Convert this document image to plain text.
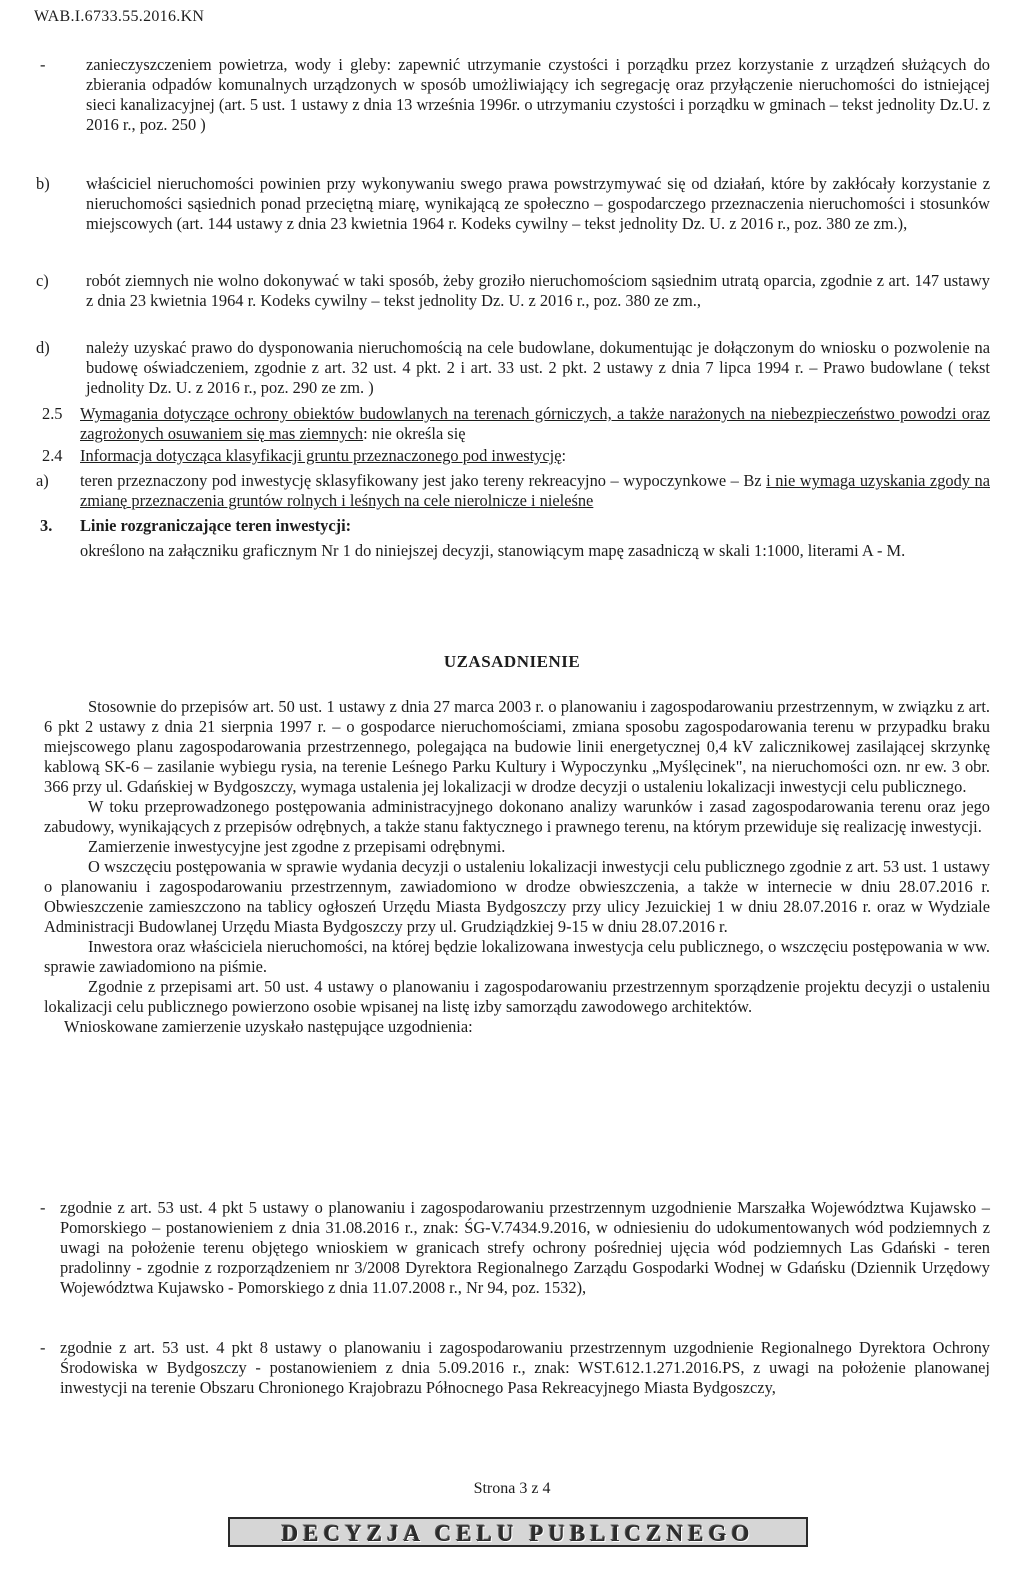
WAB.I.6733.55.2016.KN
- zanieczyszczeniem powietrza, wody i gleby: zapewnić utrzymanie czystości i porządku przez korzystanie z urządzeń służących do zbierania odpadów komunalnych urządzonych w sposób umożliwiający ich segregację oraz przyłączenie nieruchomości do istniejącej sieci kanalizacyjnej (art. 5 ust. 1 ustawy z dnia 13 września 1996r. o utrzymaniu czystości i porządku w gminach – tekst jednolity Dz.U. z 2016 r., poz. 250 )
b) właściciel nieruchomości powinien przy wykonywaniu swego prawa powstrzymywać się od działań, które by zakłócały korzystanie z nieruchomości sąsiednich ponad przeciętną miarę, wynikającą ze społeczno – gospodarczego przeznaczenia nieruchomości i stosunków miejscowych (art. 144 ustawy z dnia 23 kwietnia 1964 r. Kodeks cywilny – tekst jednolity Dz. U. z 2016 r., poz. 380 ze zm.),
c) robót ziemnych nie wolno dokonywać w taki sposób, żeby groziło nieruchomościom sąsiednim utratą oparcia, zgodnie z art. 147 ustawy z dnia 23 kwietnia 1964 r. Kodeks cywilny – tekst jednolity Dz. U. z 2016 r., poz. 380 ze zm.,
d) należy uzyskać prawo do dysponowania nieruchomością na cele budowlane, dokumentując je dołączonym do wniosku o pozwolenie na budowę oświadczeniem, zgodnie z art. 32 ust. 4 pkt. 2 i art. 33 ust. 2 pkt. 2 ustawy z dnia 7 lipca 1994 r. – Prawo budowlane ( tekst jednolity Dz. U. z 2016 r., poz. 290 ze zm. )
2.5 Wymagania dotyczące ochrony obiektów budowlanych na terenach górniczych, a także narażonych na niebezpieczeństwo powodzi oraz zagrożonych osuwaniem się mas ziemnych: nie określa się
2.4 Informacja dotycząca klasyfikacji gruntu przeznaczonego pod inwestycję:
a) teren przeznaczony pod inwestycję sklasyfikowany jest jako tereny rekreacyjno – wypoczynkowe – Bz i nie wymaga uzyskania zgody na zmianę przeznaczenia gruntów rolnych i leśnych na cele nierolnicze i nieleśne
3. Linie rozgraniczające teren inwestycji:
określono na załączniku graficznym Nr 1 do niniejszej decyzji, stanowiącym mapę zasadniczą w skali 1:1000, literami A - M.
UZASADNIENIE

Stosownie do przepisów art. 50 ust. 1 ustawy z dnia 27 marca 2003 r. o planowaniu i zagospodarowaniu przestrzennym, w związku z art. 6 pkt 2 ustawy z dnia 21 sierpnia 1997 r. – o gospodarce nieruchomościami, zmiana sposobu zagospodarowania terenu w przypadku braku miejscowego planu zagospodarowania przestrzennego, polegająca na budowie linii energetycznej 0,4 kV zalicznikowej zasilającej skrzynkę kablową SK-6 – zasilanie wybiegu rysia, na terenie Leśnego Parku Kultury i Wypoczynku „Myślęcinek", na nieruchomości ozn. nr ew. 3 obr. 366 przy ul. Gdańskiej w Bydgoszczy, wymaga ustalenia jej lokalizacji w drodze decyzji o ustaleniu lokalizacji inwestycji celu publicznego.

W toku przeprowadzonego postępowania administracyjnego dokonano analizy warunków i zasad zagospodarowania terenu oraz jego zabudowy, wynikających z przepisów odrębnych, a także stanu faktycznego i prawnego terenu, na którym przewiduje się realizację inwestycji.

Zamierzenie inwestycyjne jest zgodne z przepisami odrębnymi.

O wszczęciu postępowania w sprawie wydania decyzji o ustaleniu lokalizacji inwestycji celu publicznego zgodnie z art. 53 ust. 1 ustawy o planowaniu i zagospodarowaniu przestrzennym, zawiadomiono w drodze obwieszczenia, a także w internecie w dniu 28.07.2016 r. Obwieszczenie zamieszczono na tablicy ogłoszeń Urzędu Miasta Bydgoszczy przy ulicy Jezuickiej 1 w dniu 28.07.2016 r. oraz w Wydziale Administracji Budowlanej Urzędu Miasta Bydgoszczy przy ul. Grudziądzkiej 9-15 w dniu 28.07.2016 r.

Inwestora oraz właściciela nieruchomości, na której będzie lokalizowana inwestycja celu publicznego, o wszczęciu postępowania w ww. sprawie zawiadomiono na piśmie.

Zgodnie z przepisami art. 50 ust. 4 ustawy o planowaniu i zagospodarowaniu przestrzennym sporządzenie projektu decyzji o ustaleniu lokalizacji celu publicznego powierzono osobie wpisanej na listę izby samorządu zawodowego architektów.

Wnioskowane zamierzenie uzyskało następujące uzgodnienia:

- zgodnie z art. 53 ust. 4 pkt 5 ustawy o planowaniu i zagospodarowaniu przestrzennym uzgodnienie Marszałka Województwa Kujawsko – Pomorskiego – postanowieniem z dnia 31.08.2016 r., znak: ŚG-V.7434.9.2016, w odniesieniu do udokumentowanych wód podziemnych z uwagi na położenie terenu objętego wnioskiem w granicach strefy ochrony pośredniej ujęcia wód podziemnych Las Gdański - teren pradolinny - zgodnie z rozporządzeniem nr 3/2008 Dyrektora Regionalnego Zarządu Gospodarki Wodnej w Gdańsku (Dziennik Urzędowy Województwa Kujawsko - Pomorskiego z dnia 11.07.2008 r., Nr 94, poz. 1532),
- zgodnie z art. 53 ust. 4 pkt 8 ustawy o planowaniu i zagospodarowaniu przestrzennym uzgodnienie Regionalnego Dyrektora Ochrony Środowiska w Bydgoszczy - postanowieniem z dnia 5.09.2016 r., znak: WST.612.1.271.2016.PS, z uwagi na położenie planowanej inwestycji na terenie Obszaru Chronionego Krajobrazu Północnego Pasa Rekreacyjnego Miasta Bydgoszczy,
Strona 3 z 4
DECYZJA CELU PUBLICZNEGO
